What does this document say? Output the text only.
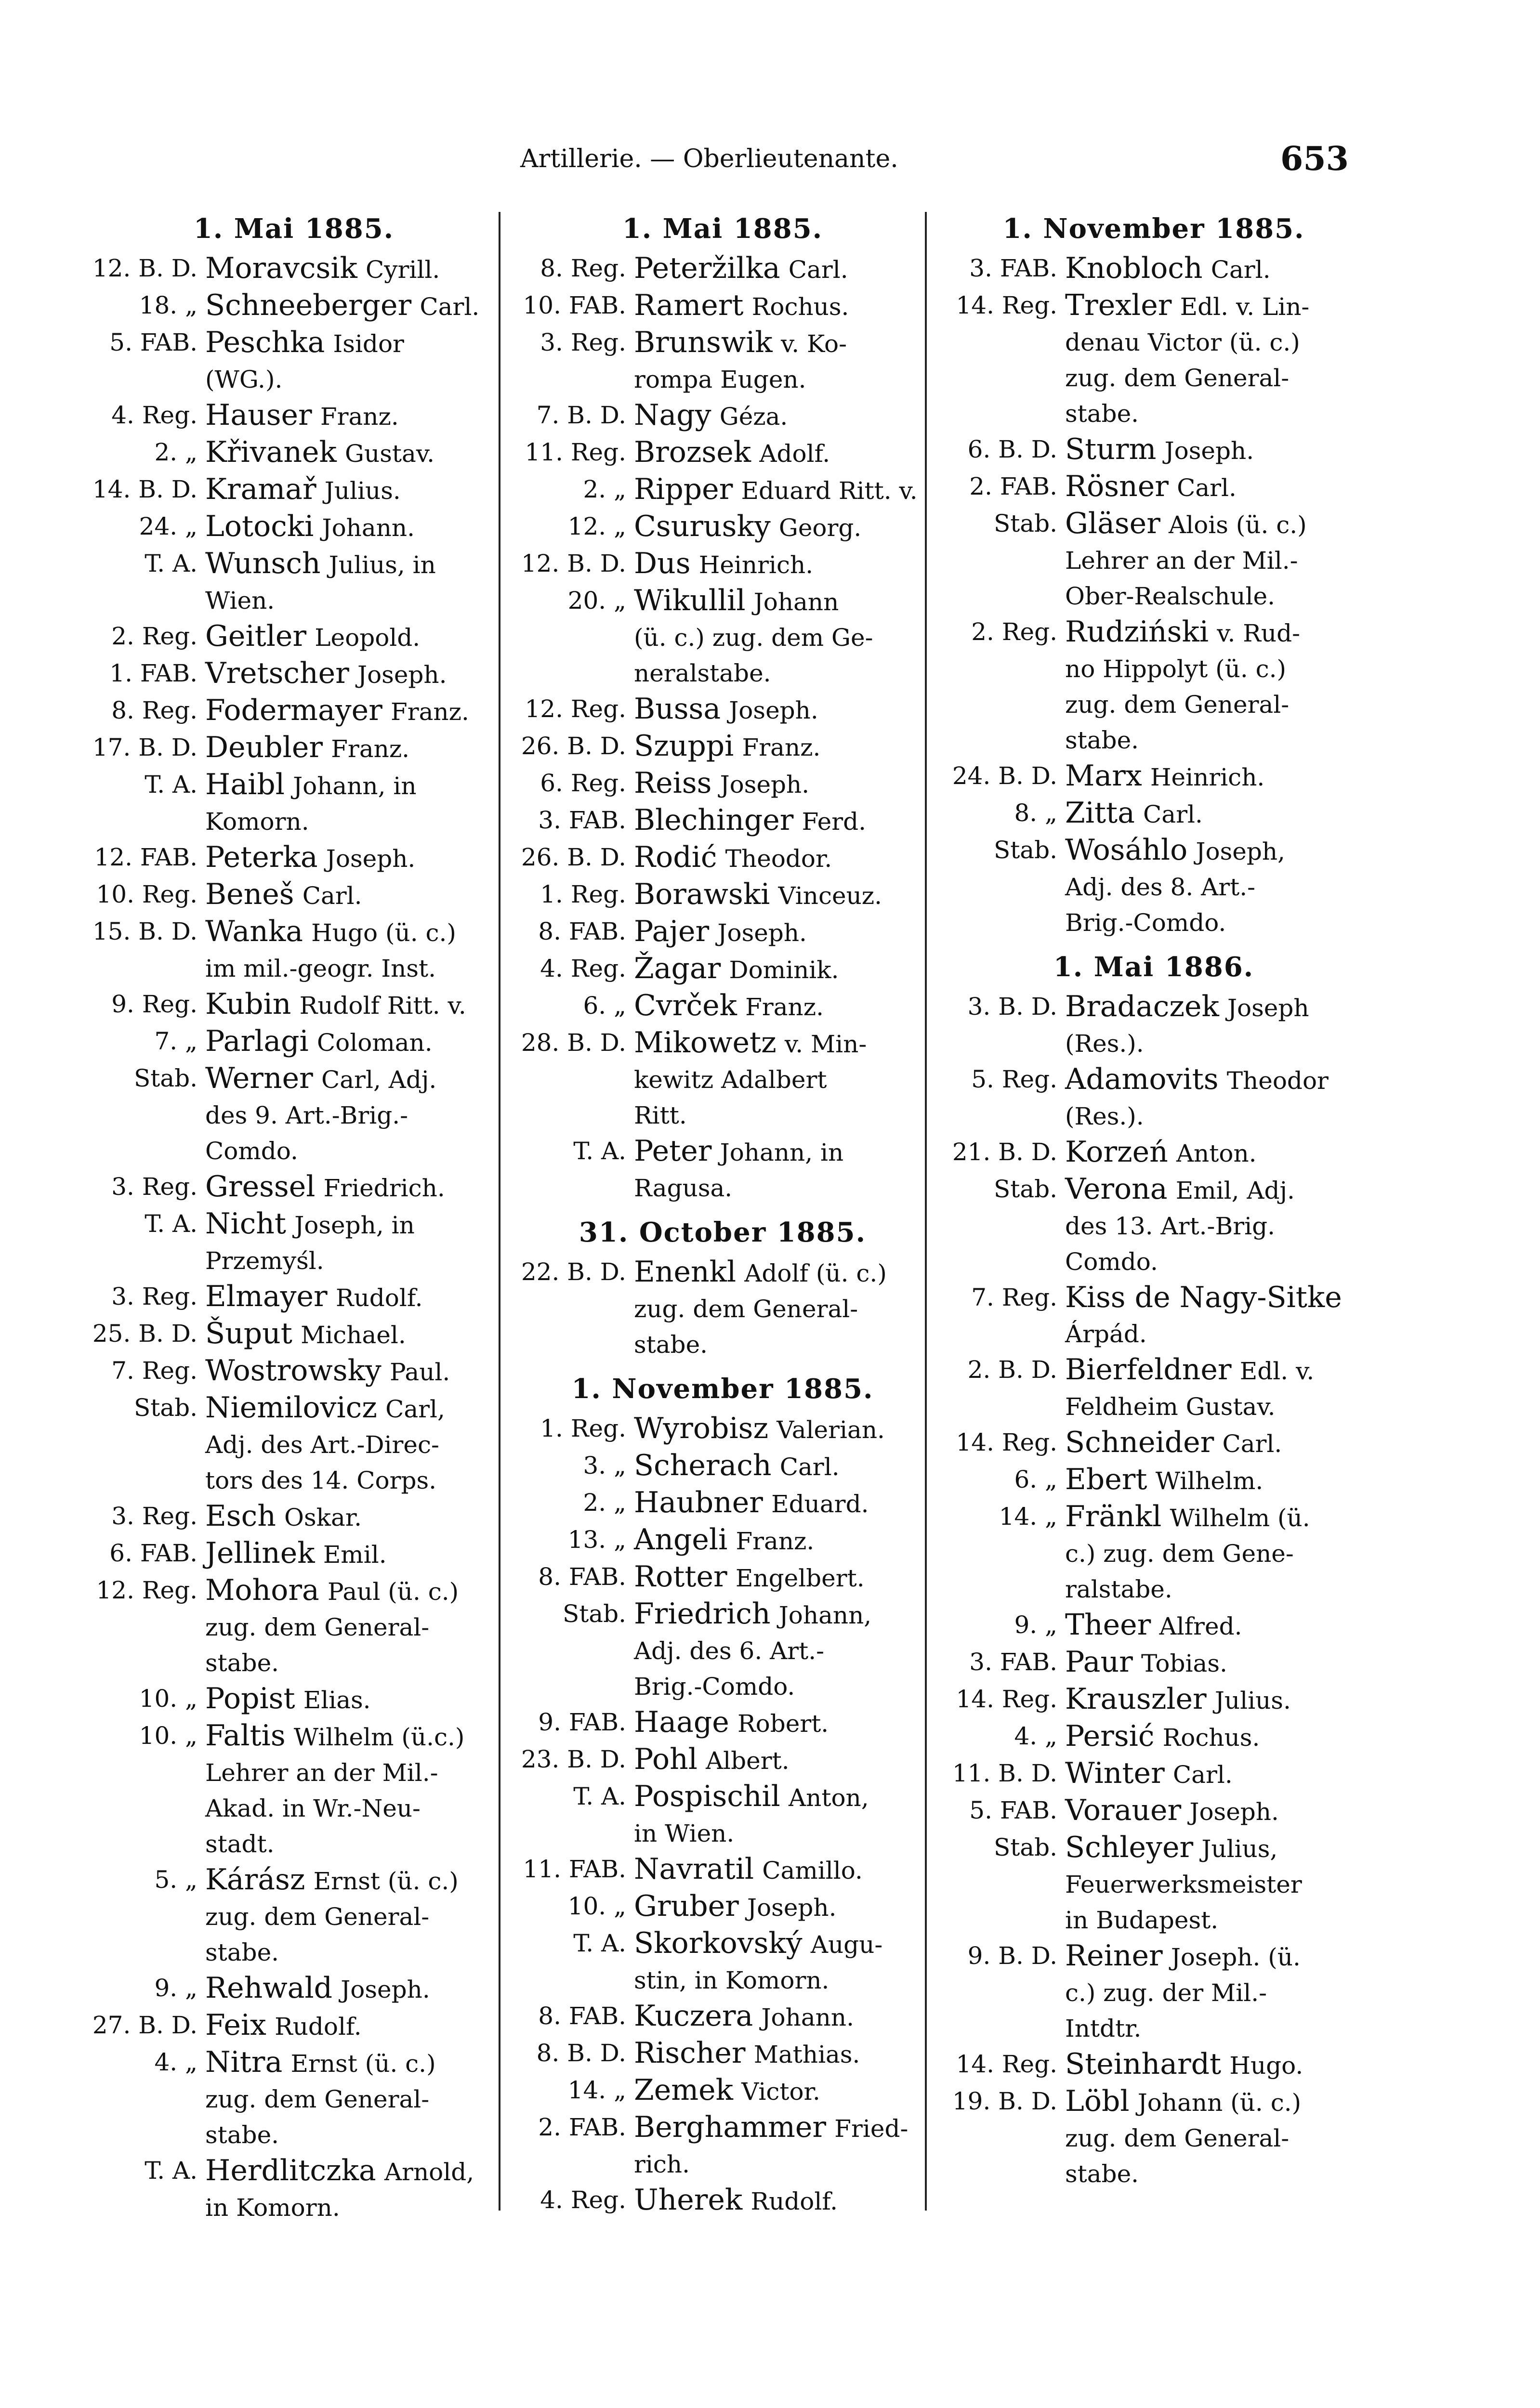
Artillerie. — Oberlieutenante.	653
1. Mai 1885.
12. B. D. Moravcsik Cyrill.
18. „ Schneeberger Carl.
5. FAB. Peschka Isidor
(WG.).
4. Reg. Hauser Franz.
2. „ Křivanek Gustav.
14. B. D. Kramař Julius.
24. „ Lotocki Johann.
T. A. Wunsch Julius, in
Wien.
2. Reg. Geitler Leopold.
1. FAB. Vretscher Joseph.
8. Reg. Fodermayer Franz.
17. B. D. Deubler Franz.
T. A. Haibl Johann, in
Komorn.
12. FAB. Peterka Joseph.
10. Reg. Beneš Carl.
15. B. D. Wanka Hugo (ü. c.)
im mil.-geogr. Inst.
9. Reg. Kubin Rudolf Ritt. v.
7. „ Parlagi Coloman.
Stab. Werner Carl, Adj.
des 9. Art.-Brig.-
Comdo.
3. Reg. Gressel Friedrich.
T. A. Nicht Joseph, in
Przemyśl.
3. Reg. Elmayer Rudolf.
25. B. D. Šuput Michael.
7. Reg. Wostrowsky Paul.
Stab. Niemilovicz Carl,
Adj. des Art.-Direc-
tors des 14. Corps.
3. Reg. Esch Oskar.
6. FAB. Jellinek Emil.
12. Reg. Mohora Paul (ü. c.)
zug. dem General-
stabe.
10. „ Popist Elias.
10. „ Faltis Wilhelm (ü.c.)
Lehrer an der Mil.-
Akad. in Wr.-Neu-
stadt.
5. „ Kárász Ernst (ü. c.)
zug. dem General-
stabe.
9. „ Rehwald Joseph.
27. B. D. Feix Rudolf.
4. „ Nitra Ernst (ü. c.)
zug. dem General-
stabe.
T. A. Herdlitczka Arnold,
in Komorn.
1. Mai 1885.
8. Reg. Peteržilka Carl.
10. FAB. Ramert Rochus.
3. Reg. Brunswik v. Ko-
rompa Eugen.
7. B. D. Nagy Géza.
11. Reg. Brozsek Adolf.
2. „ Ripper Eduard Ritt. v.
12. „ Csurusky Georg.
12. B. D. Dus Heinrich.
20. „ Wikullil Johann
(ü. c.) zug. dem Ge-
neralstabe.
12. Reg. Bussa Joseph.
26. B. D. Szuppi Franz.
6. Reg. Reiss Joseph.
3. FAB. Blechinger Ferd.
26. B. D. Rodić Theodor.
1. Reg. Borawski Vinceuz.
8. FAB. Pajer Joseph.
4. Reg. Žagar Dominik.
6. „ Cvrček Franz.
28. B. D. Mikowetz v. Min-
kewitz Adalbert
Ritt.
T. A. Peter Johann, in
Ragusa.
31. October 1885.
22. B. D. Enenkl Adolf (ü. c.)
zug. dem General-
stabe.
1. November 1885.
1. Reg. Wyrobisz Valerian.
3. „ Scherach Carl.
2. „ Haubner Eduard.
13. „ Angeli Franz.
8. FAB. Rotter Engelbert.
Stab. Friedrich Johann,
Adj. des 6. Art.-
Brig.-Comdo.
9. FAB. Haage Robert.
23. B. D. Pohl Albert.
T. A. Pospischil Anton,
in Wien.
11. FAB. Navratil Camillo.
10. „ Gruber Joseph.
T. A. Skorkovský Augu-
stin, in Komorn.
8. FAB. Kuczera Johann.
8. B. D. Rischer Mathias.
14. „ Zemek Victor.
2. FAB. Berghammer Fried-
rich.
4. Reg. Uherek Rudolf.
1. November 1885.
3. FAB. Knobloch Carl.
14. Reg. Trexler Edl. v. Lin-
denau Victor (ü. c.)
zug. dem General-
stabe.
6. B. D. Sturm Joseph.
2. FAB. Rösner Carl.
Stab. Gläser Alois (ü. c.)
Lehrer an der Mil.-
Ober-Realschule.
2. Reg. Rudziński v. Rud-
no Hippolyt (ü. c.)
zug. dem General-
stabe.
24. B. D. Marx Heinrich.
8. „ Zitta Carl.
Stab. Wosáhlo Joseph,
Adj. des 8. Art.-
Brig.-Comdo.
1. Mai 1886.
3. B. D. Bradaczek Joseph
(Res.).
5. Reg. Adamovits Theodor
(Res.).
21. B. D. Korzeń Anton.
Stab. Verona Emil, Adj.
des 13. Art.-Brig.
Comdo.
7. Reg. Kiss de Nagy-Sitke
Árpád.
2. B. D. Bierfeldner Edl. v.
Feldheim Gustav.
14. Reg. Schneider Carl.
6. „ Ebert Wilhelm.
14. „ Fränkl Wilhelm (ü.
c.) zug. dem Gene-
ralstabe.
9. „ Theer Alfred.
3. FAB. Paur Tobias.
14. Reg. Krauszler Julius.
4. „ Persić Rochus.
11. B. D. Winter Carl.
5. FAB. Vorauer Joseph.
Stab. Schleyer Julius,
Feuerwerksmeister
in Budapest.
9. B. D. Reiner Joseph. (ü.
c.) zug. der Mil.-
Intdtr.
14. Reg. Steinhardt Hugo.
19. B. D. Löbl Johann (ü. c.)
zug. dem General-
stabe.
